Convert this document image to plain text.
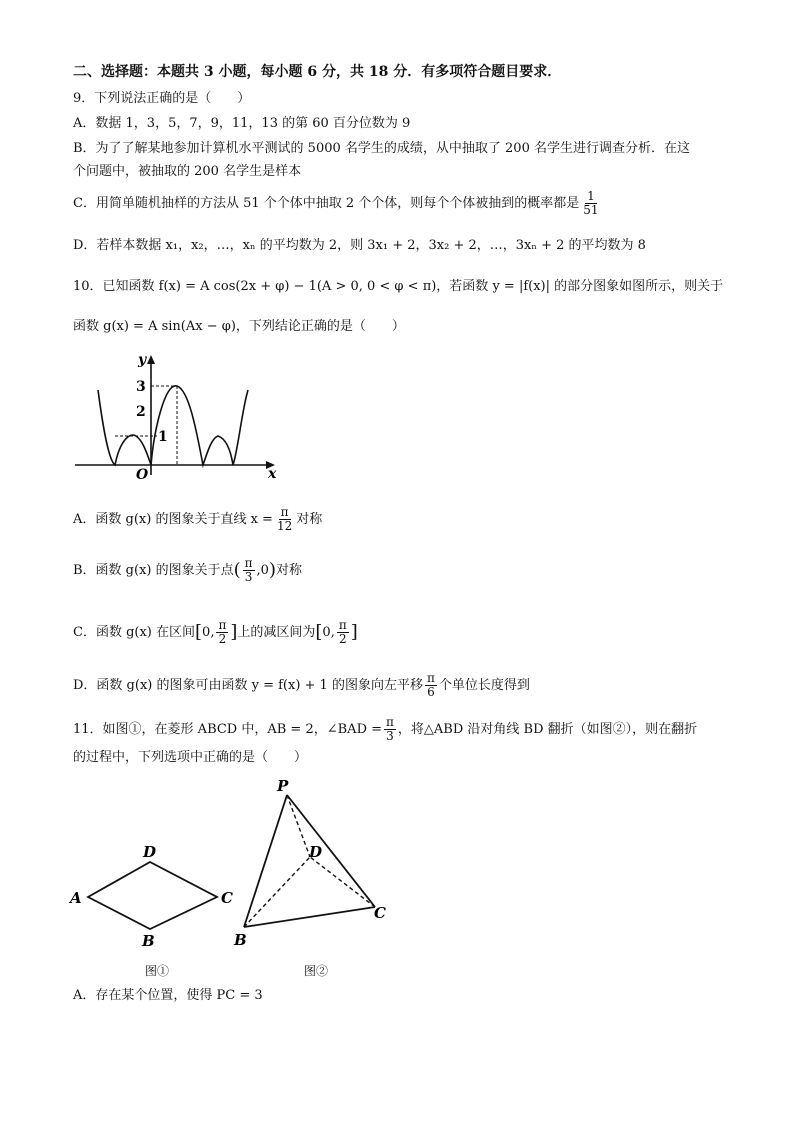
二、选择题：本题共 3 小题，每小题 6 分，共 18 分．有多项符合题目要求．
9．下列说法正确的是（　　）
A．数据 1，3，5，7，9，11，13 的第 60 百分位数为 9
B．为了了解某地参加计算机水平测试的 5000 名学生的成绩，从中抽取了 200 名学生进行调查分析．在这
个问题中，被抽取的 200 名学生是样本
C．用简单随机抽样的方法从 51 个个体中抽取 2 个个体，则每个个体被抽到的概率都是 $\frac{1}{51}$
D．若样本数据 x₁，x₂，…，xₙ 的平均数为 2，则 3x₁ + 2，3x₂ + 2，…，3xₙ + 2 的平均数为 8
10．已知函数 f(x) = A cos(2x + φ) − 1(A > 0, 0 < φ < π)，若函数 y = |f(x)| 的部分图象如图所示，则关于
函数 g(x) = A sin(Ax − φ)，下列结论正确的是（　　）
y
x
O
3
2
1
A．函数 g(x) 的图象关于直线 $x = \frac{\pi}{12}$ 对称
B．函数 g(x) 的图象关于点( $\frac{\pi}{3} ,0$)对称
C．函数 g(x) 在区间[0, $\frac{\pi}{2}$ ]上的减区间为[0, $\frac{\pi}{2}$ ]
D．函数 g(x) 的图象可由函数 y = f(x) + 1 的图象向左平移 $\frac{\pi}{6}$ 个单位长度得到
11．如图①，在菱形 ABCD 中，AB = 2，∠BAD = $\frac{\pi}{3}$ ，将△ABD 沿对角线 BD 翻折（如图②），则在翻折
的过程中，下列选项中正确的是（　　）
A
B
C
D
图①
P
B
C
D
图②
A．存在某个位置，使得 PC = 3
